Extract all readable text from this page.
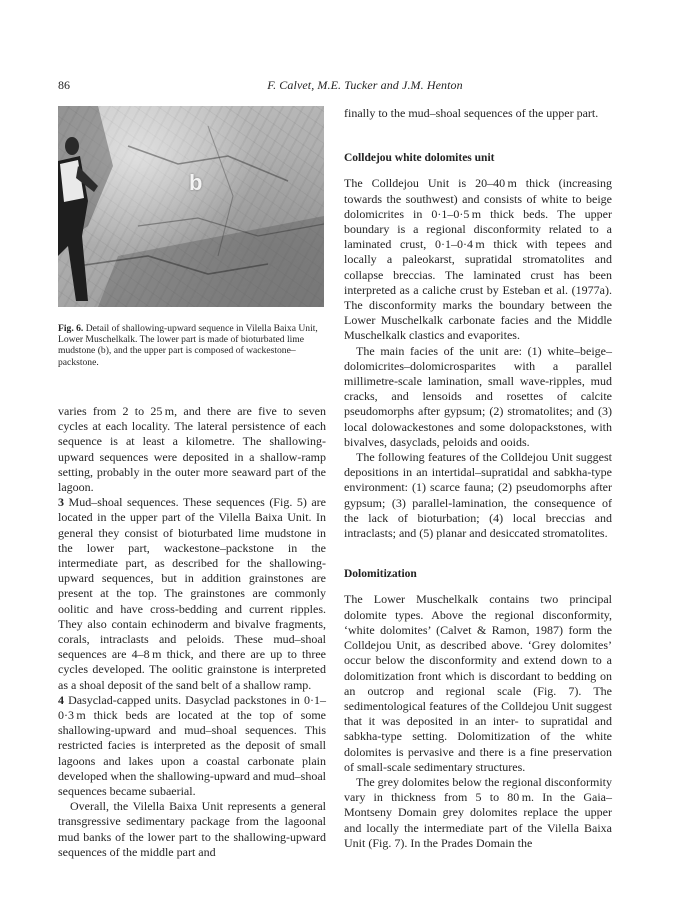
86	F. Calvet, M.E. Tucker and J.M. Henton
b
Fig. 6. Detail of shallowing-upward sequence in Vilella Baixa Unit, Lower Muschelkalk. The lower part is made of bioturbated lime mudstone (b), and the upper part is composed of wackestone–packstone.

varies from 2 to 25 m, and there are five to seven cycles at each locality. The lateral persistence of each sequence is at least a kilometre. The shallowing-upward sequences were deposited in a shallow-ramp setting, probably in the outer more seaward part of the lagoon.

3 Mud–shoal sequences. These sequences (Fig. 5) are located in the upper part of the Vilella Baixa Unit. In general they consist of bioturbated lime mudstone in the lower part, wackestone–packstone in the intermediate part, as described for the shallowing-upward sequences, but in addition grainstones are present at the top. The grainstones are commonly oolitic and have cross-bedding and current ripples. They also contain echinoderm and bivalve fragments, corals, intraclasts and peloids. These mud–shoal sequences are 4–8 m thick, and there are up to three cycles developed. The oolitic grainstone is interpreted as a shoal deposit of the sand belt of a shallow ramp.

4 Dasyclad-capped units. Dasyclad packstones in 0·1–0·3 m thick beds are located at the top of some shallowing-upward and mud–shoal sequences. This restricted facies is interpreted as the deposit of small lagoons and lakes upon a coastal carbonate plain developed when the shallowing-upward and mud–shoal sequences became subaerial.

Overall, the Vilella Baixa Unit represents a general transgressive sedimentary package from the lagoonal mud banks of the lower part to the shallowing-upward sequences of the middle part and

finally to the mud–shoal sequences of the upper part.

Colldejou white dolomites unit

The Colldejou Unit is 20–40 m thick (increasing towards the southwest) and consists of white to beige dolomicrites in 0·1–0·5 m thick beds. The upper boundary is a regional disconformity related to a laminated crust, 0·1–0·4 m thick with tepees and locally a paleokarst, supratidal stromatolites and collapse breccias. The laminated crust has been interpreted as a caliche crust by Esteban et al. (1977a). The disconformity marks the boundary between the Lower Muschelkalk carbonate facies and the Middle Muschelkalk clastics and evaporites.

The main facies of the unit are: (1) white–beige–dolomicrites–dolomicrosparites with a parallel millimetre-scale lamination, small wave-ripples, mud cracks, and lensoids and rosettes of calcite pseudomorphs after gypsum; (2) stromatolites; and (3) local dolowackestones and some dolopackstones, with bivalves, dasyclads, peloids and ooids.

The following features of the Colldejou Unit suggest depositions in an intertidal–supratidal and sabkha-type environment: (1) scarce fauna; (2) pseudomorphs after gypsum; (3) parallel-lamination, the consequence of the lack of bioturbation; (4) local breccias and intraclasts; and (5) planar and desiccated stromatolites.

Dolomitization

The Lower Muschelkalk contains two principal dolomite types. Above the regional disconformity, ‘white dolomites’ (Calvet & Ramon, 1987) form the Colldejou Unit, as described above. ‘Grey dolomites’ occur below the disconformity and extend down to a dolomitization front which is discordant to bedding on an outcrop and regional scale (Fig. 7). The sedimentological features of the Colldejou Unit suggest that it was deposited in an inter- to supratidal and sabkha-type setting. Dolomitization of the white dolomites is pervasive and there is a fine preservation of small-scale sedimentary structures.

The grey dolomites below the regional disconformity vary in thickness from 5 to 80 m. In the Gaia–Montseny Domain grey dolomites replace the upper and locally the intermediate part of the Vilella Baixa Unit (Fig. 7). In the Prades Domain the
